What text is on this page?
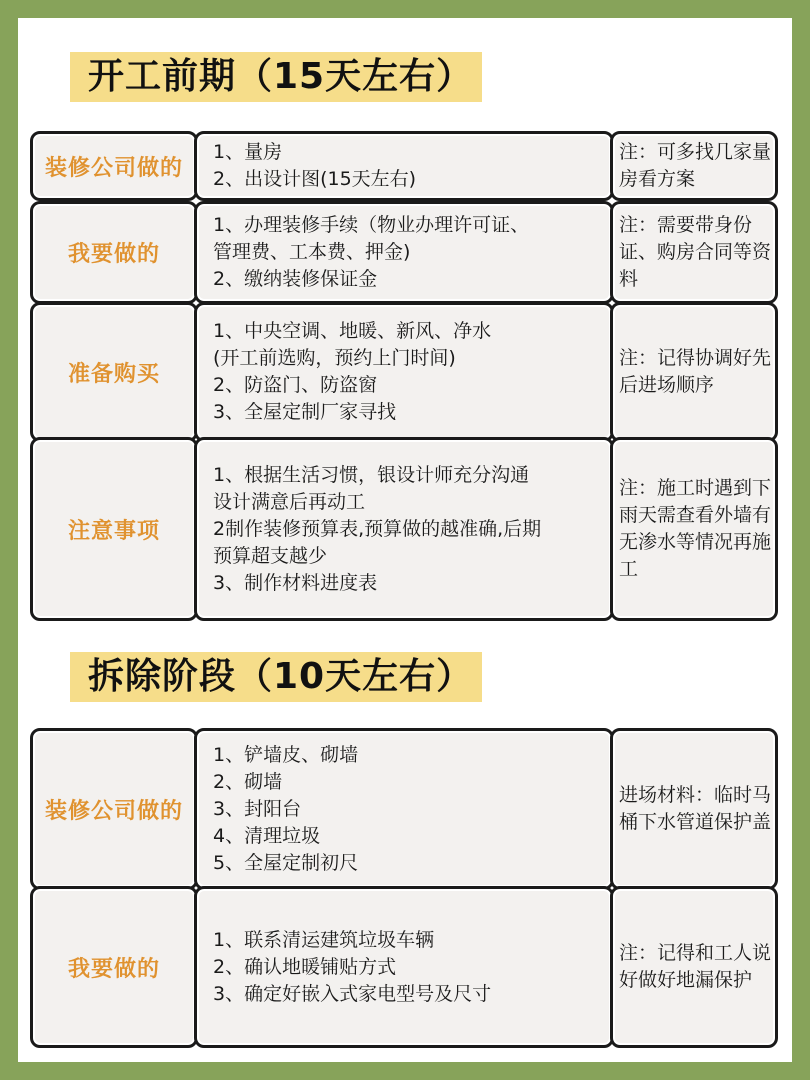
开工前期（15天左右）
装修公司做的
1、量房
2、出设计图(15天左右)
注：可多找几家量房看方案
我要做的
1、办理装修手续（物业办理许可证、
管理费、工本费、押金)
2、缴纳装修保证金
注：需要带身份证、购房合同等资料
准备购买
1、中央空调、地暖、新风、净水
(开工前选购，预约上门时间)
2、防盗门、防盗窗
3、全屋定制厂家寻找
注：记得协调好先后进场顺序
注意事项
1、根据生活习惯，银设计师充分沟通
设计满意后再动工
2制作装修预算表,预算做的越准确,后期
预算超支越少
3、制作材料进度表
注：施工时遇到下雨天需查看外墙有无渗水等情况再施工
拆除阶段（10天左右）
装修公司做的
1、铲墙皮、砌墙
2、砌墙
3、封阳台
4、清理垃圾
5、全屋定制初尺
进场材料：临时马桶下水管道保护盖
我要做的
1、联系清运建筑垃圾车辆
2、确认地暖铺贴方式
3、确定好嵌入式家电型号及尺寸
注：记得和工人说好做好地漏保护
